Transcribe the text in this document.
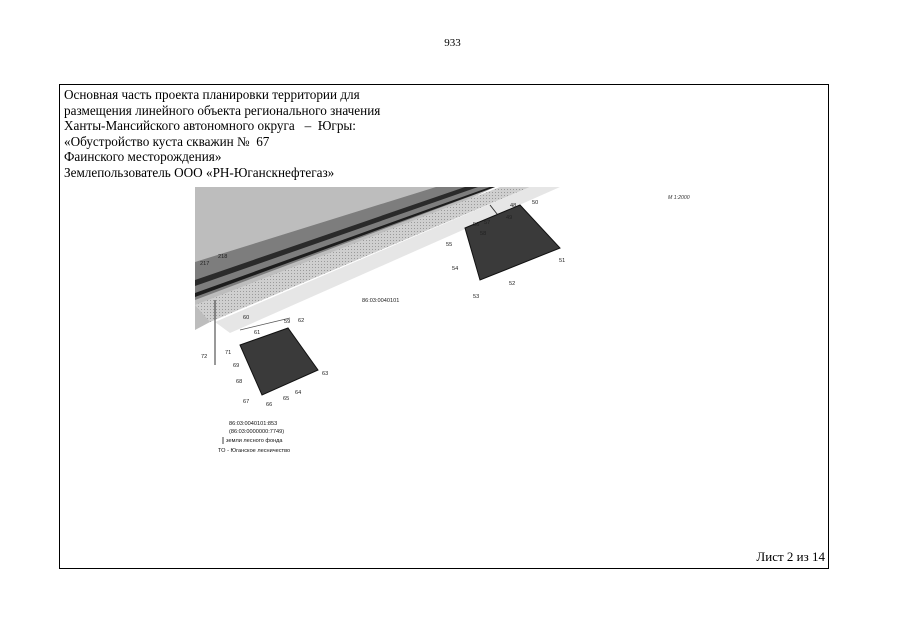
933
Основная часть проекта планировки территории для
размещения линейного объекта регионального значения
Ханты-Мансийского автономного округа   –  Югры:
«Обустройство куста скважин №  67
Фаинского месторождения»
Землепользователь ООО «РН-Юганскнефтегаз»
М 1:2000
86:03:0040101
48	50
49
56 57
58
55
54
51
53
52
217
218
59
61
60	62
72
71
69
63
68
64
67	66
65
86:03:0040101:853
(86:03:0000000:7749)
земли лесного фонда
ТО - Юганское лесничество
Лист 2 из 14
